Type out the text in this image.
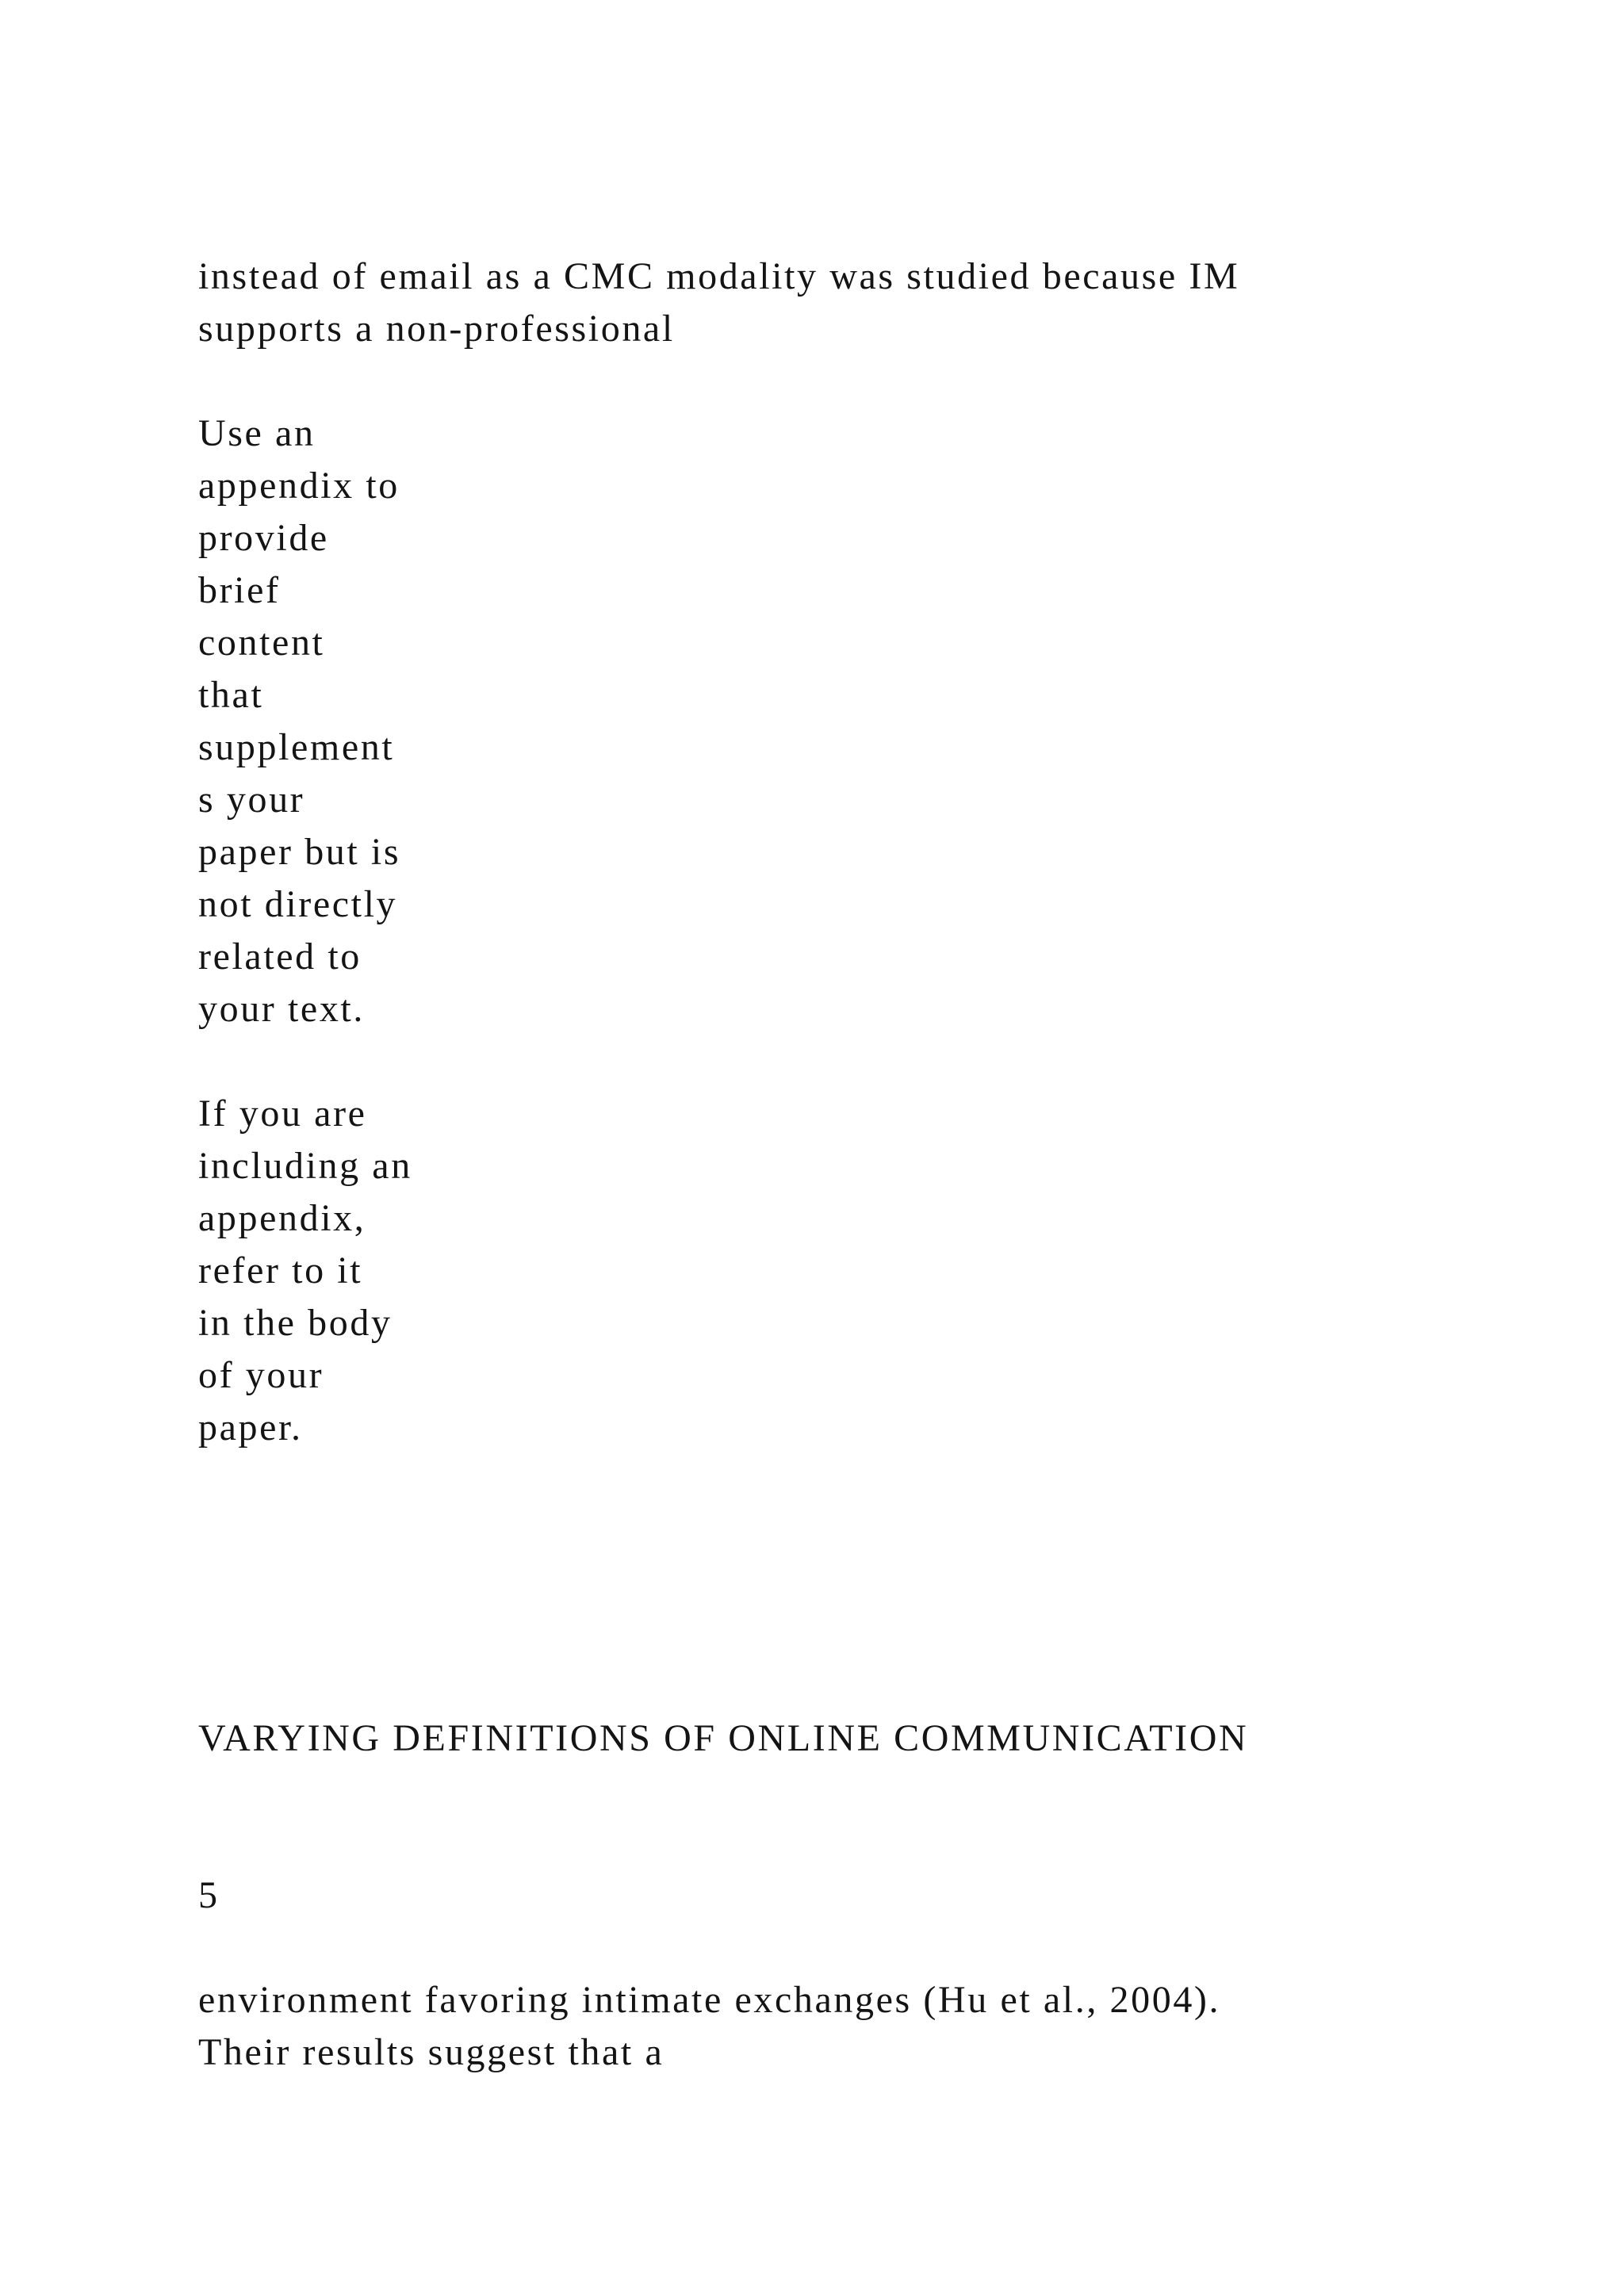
instead of email as a CMC modality was studied because IM

supports a non-professional

Use an

appendix to

provide

brief

content

that

supplement

s your

paper but is

not directly

related to

your text.

If you are

including an

appendix,

refer to it

in the body

of your

paper.

VARYING DEFINITIONS OF ONLINE COMMUNICATION

5

environment favoring intimate exchanges (Hu et al., 2004).

Their results suggest that a
